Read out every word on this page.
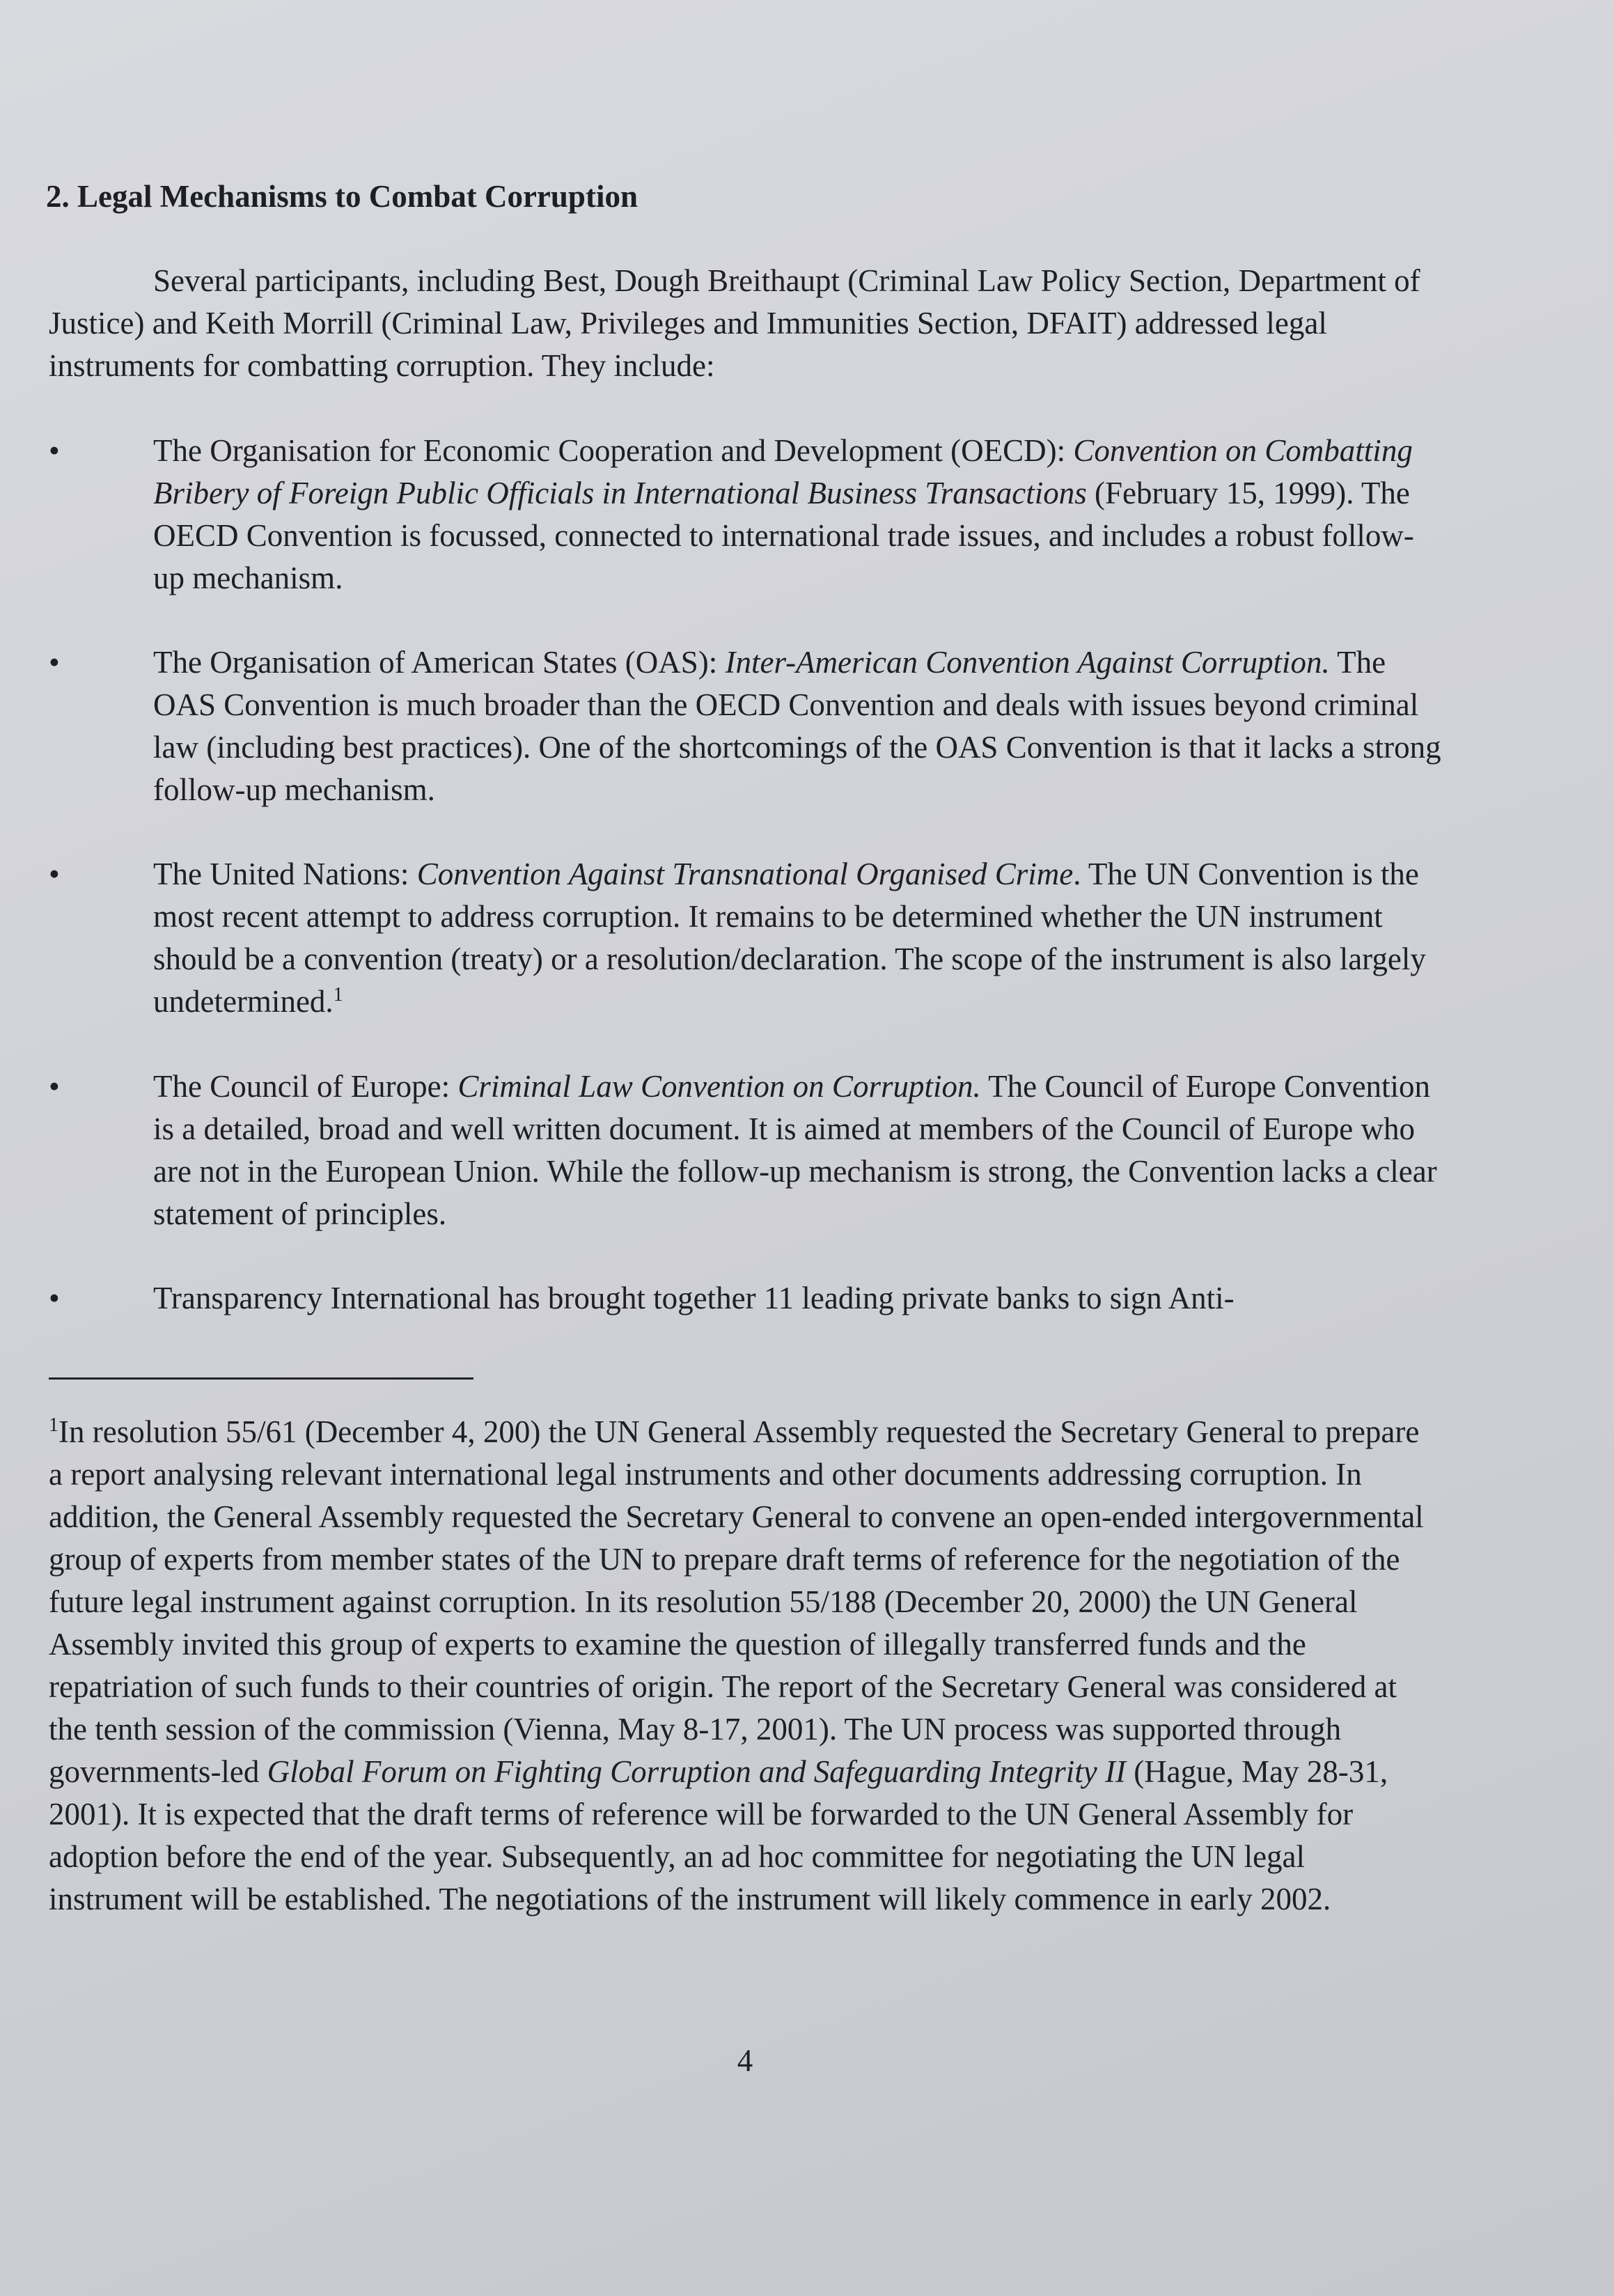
2. Legal Mechanisms to Combat Corruption

Several participants, including Best, Dough Breithaupt (Criminal Law Policy Section, Department of Justice) and Keith Morrill (Criminal Law, Privileges and Immunities Section, DFAIT) addressed legal instruments for combatting corruption. They include:

•	The Organisation for Economic Cooperation and Development (OECD): Convention on Combatting Bribery of Foreign Public Officials in International Business Transactions (February 15, 1999). The OECD Convention is focussed, connected to international trade issues, and includes a robust follow-up mechanism.

•	The Organisation of American States (OAS): Inter-American Convention Against Corruption. The OAS Convention is much broader than the OECD Convention and deals with issues beyond criminal law (including best practices). One of the shortcomings of the OAS Convention is that it lacks a strong follow-up mechanism.

•	The United Nations: Convention Against Transnational Organised Crime. The UN Convention is the most recent attempt to address corruption. It remains to be determined whether the UN instrument should be a convention (treaty) or a resolution/declaration. The scope of the instrument is also largely undetermined.$^1$

•	The Council of Europe: Criminal Law Convention on Corruption. The Council of Europe Convention is a detailed, broad and well written document. It is aimed at members of the Council of Europe who are not in the European Union. While the follow-up mechanism is strong, the Convention lacks a clear statement of principles.

•	Transparency International has brought together 11 leading private banks to sign Anti-

$^1$In resolution 55/61 (December 4, 200) the UN General Assembly requested the Secretary General to prepare a report analysing relevant international legal instruments and other documents addressing corruption. In addition, the General Assembly requested the Secretary General to convene an open-ended intergovernmental group of experts from member states of the UN to prepare draft terms of reference for the negotiation of the future legal instrument against corruption. In its resolution 55/188 (December 20, 2000) the UN General Assembly invited this group of experts to examine the question of illegally transferred funds and the repatriation of such funds to their countries of origin. The report of the Secretary General was considered at the tenth session of the commission (Vienna, May 8-17, 2001). The UN process was supported through governments-led Global Forum on Fighting Corruption and Safeguarding Integrity II (Hague, May 28-31, 2001). It is expected that the draft terms of reference will be forwarded to the UN General Assembly for adoption before the end of the year. Subsequently, an ad hoc committee for negotiating the UN legal instrument will be established. The negotiations of the instrument will likely commence in early 2002.

4
